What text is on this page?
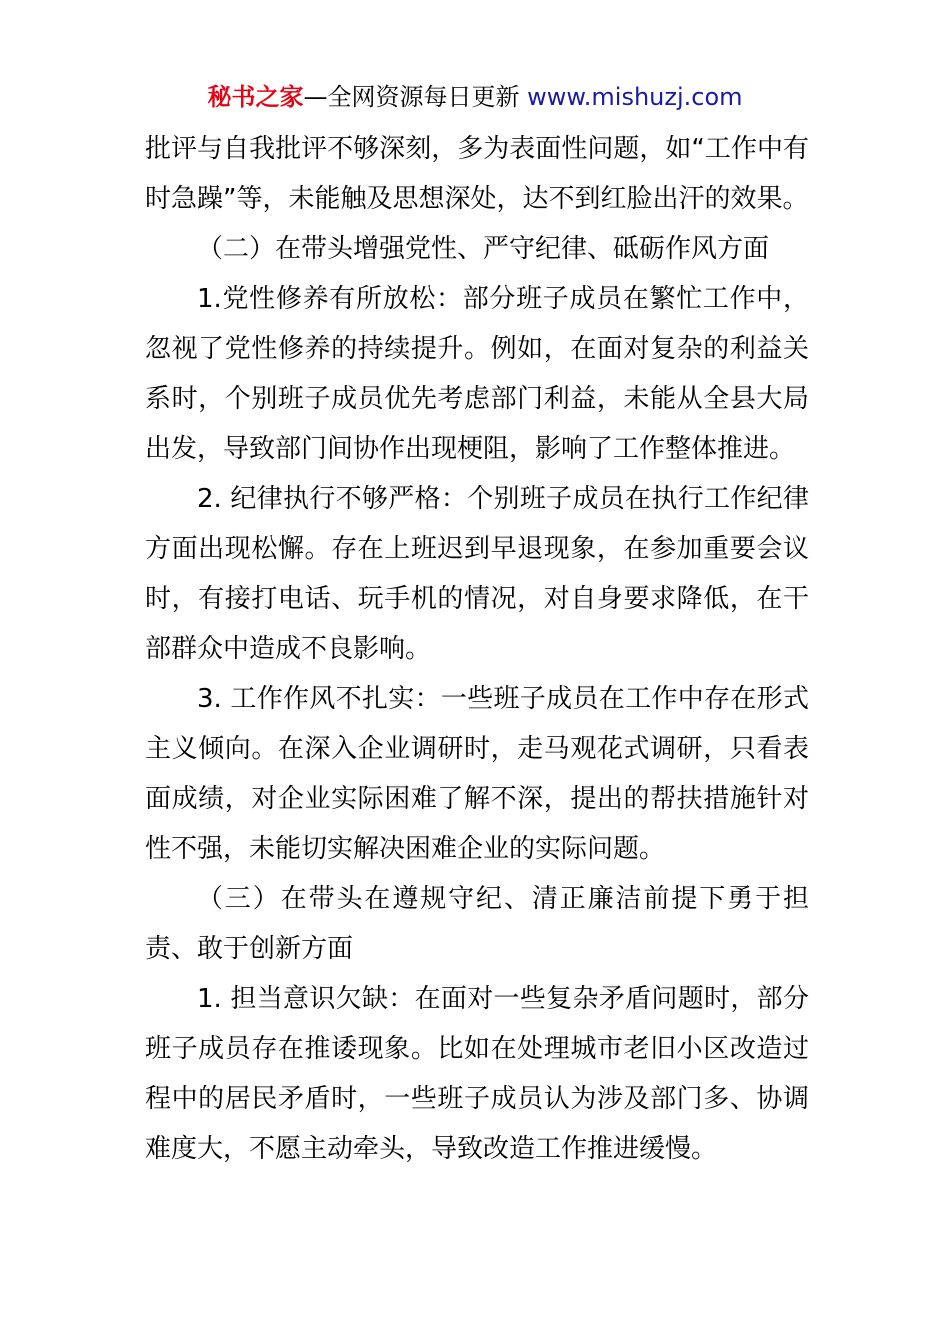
秘书之家—全网资源每日更新 www.mishuzj.com

批评与自我批评不够深刻，多为表面性问题，如“工作中有时急躁”等，未能触及思想深处，达不到红脸出汗的效果。

（二）在带头增强党性、严守纪律、砥砺作风方面

1.党性修养有所放松：部分班子成员在繁忙工作中，忽视了党性修养的持续提升。例如，在面对复杂的利益关系时，个别班子成员优先考虑部门利益，未能从全县大局出发，导致部门间协作出现梗阻，影响了工作整体推进。

2. 纪律执行不够严格：个别班子成员在执行工作纪律方面出现松懈。存在上班迟到早退现象，在参加重要会议时，有接打电话、玩手机的情况，对自身要求降低，在干部群众中造成不良影响。

3. 工作作风不扎实：一些班子成员在工作中存在形式主义倾向。在深入企业调研时，走马观花式调研，只看表面成绩，对企业实际困难了解不深，提出的帮扶措施针对性不强，未能切实解决困难企业的实际问题。

（三）在带头在遵规守纪、清正廉洁前提下勇于担责、敢于创新方面

1. 担当意识欠缺：在面对一些复杂矛盾问题时，部分班子成员存在推诿现象。比如在处理城市老旧小区改造过程中的居民矛盾时，一些班子成员认为涉及部门多、协调难度大，不愿主动牵头，导致改造工作推进缓慢。
